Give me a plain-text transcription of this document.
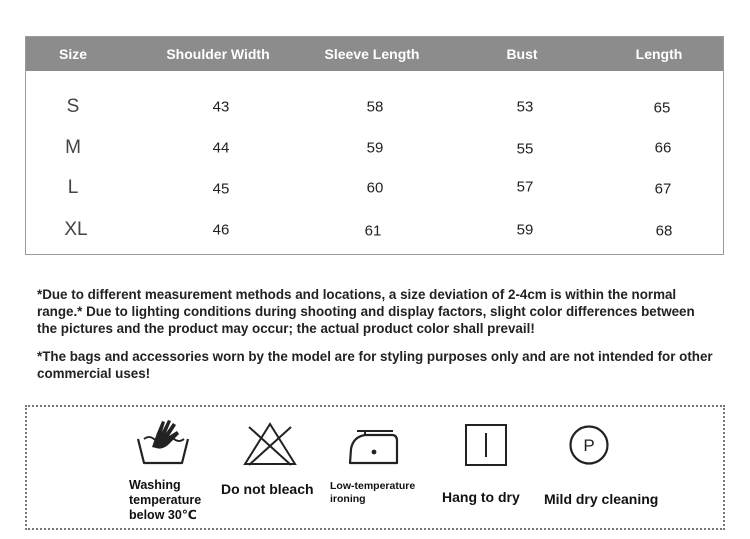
Size	Shoulder Width	Sleeve Length	Bust	Length
S	43	58	53	65
M	44	59	55	66
L	45	60	57	67
XL	46	61	59	68
*Due to different measurement methods and locations, a size deviation of 2-4cm is within the normal range.* Due to lighting conditions during shooting and display factors, slight color differences between the pictures and the product may occur; the actual product color shall prevail!
*The bags and accessories worn by the model are for styling purposes only and are not intended for other commercial uses!
P
Washing temperature below 30℃
Do not bleach Low-temperature ironing	Hang to dry Mild dry cleaning
